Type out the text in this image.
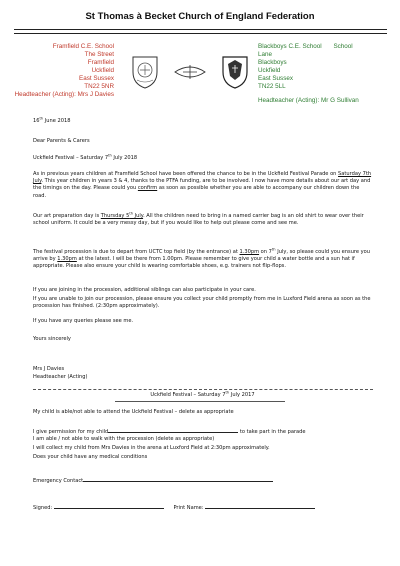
St Thomas à Becket Church of England Federation
Framfield C.E. School
The Street
Framfield
Uckfield
East Sussex
TN22 5NR
Headteacher (Acting): Mrs J Davies
Blackboys C.E. School School
Lane
Blackboys
Uckfield
East Sussex
TN22 5LL
Headteacher (Acting): Mr G Sullivan
16th June 2018
Dear Parents & Carers
Uckfield Festival – Saturday 7th July 2018
As in previous years children at Framfield School have been offered the chance to be in the Uckfield Festival Parade on Saturday 7th July. This year children in years 3 & 4, thanks to the PTFA funding, are to be involved. I now have more details about our art day and the timings on the day. Please could you confirm as soon as possible whether you are able to accompany our children down the road.
Our art preparation day is Thursday 5th July. All the children need to bring in a named carrier bag is an old shirt to wear over their school uniform. It could be a very messy day, but if you would like to help out please come and see me.
The festival procession is due to depart from UCTC top field (by the entrance) at 1.30pm on 7th July, so please could you ensure you arrive by 1.30pm at the latest. I will be there from 1.00pm. Please remember to give your child a water bottle and a sun hat if appropriate. Please also ensure your child is wearing comfortable shoes, e.g. trainers not flip-flops.
If you are joining in the procession, additional siblings can also participate in your care.
If you are unable to join our procession, please ensure you collect your child promptly from me in Luxford Field arena as soon as the procession has finished. (2:30pm approximately).
If you have any queries please see me.
Yours sincerely
Mrs J Davies
Headteacher (Acting)
Uckfield Festival – Saturday 7th July 2017
My child is able/not able to attend the Uckfield Festival – delete as appropriate
I give permission for my child	to take part in the parade
I am able / not able to walk with the procession (delete as appropriate)
I will collect my child from Mrs Davies in the arena at Luxford Field at 2:30pm approximately.
Does your child have any medical conditions
Emergency Contact
Signed:	Print Name:
